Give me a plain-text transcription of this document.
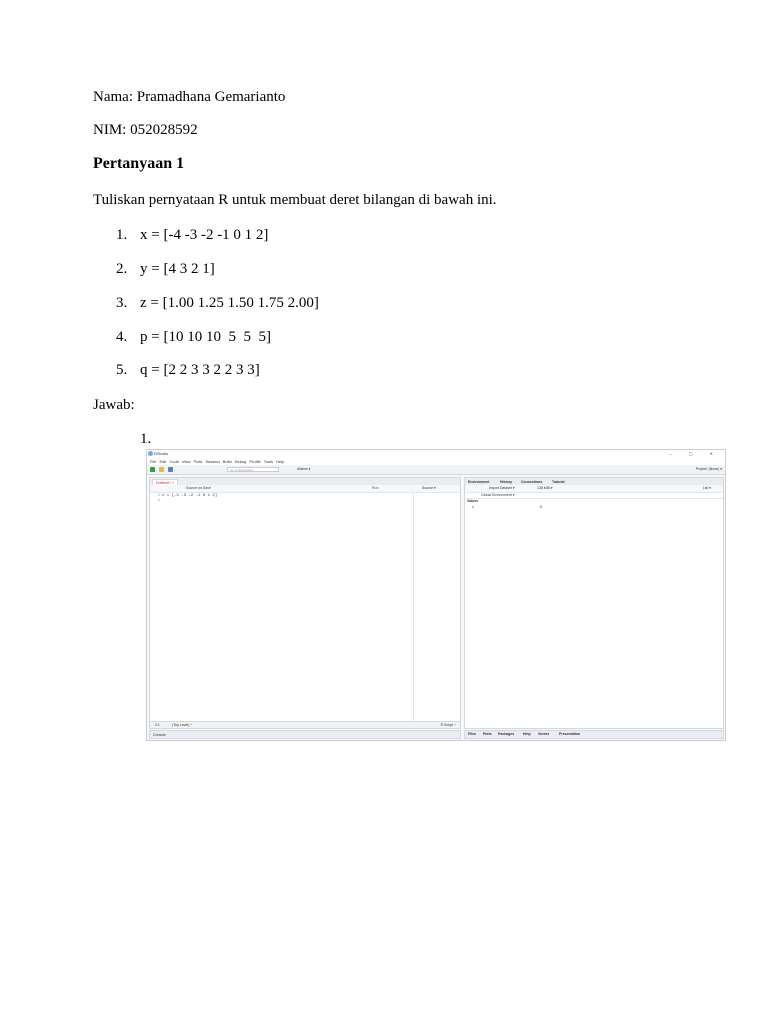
Nama: Pramadhana Gemarianto
NIM: 052028592
Pertanyaan 1
Tuliskan pernyataan R untuk membuat deret bilangan di bawah ini.
1. x = [-4 -3 -2 -1 0 1 2]
2. y = [4 3 2 1]
3. z = [1.00 1.25 1.50 1.75 2.00]
4. p = [10 10 10  5  5  5]
5. q = [2 2 3 3 2 2 3 3]
Jawab:
1.
RStudio	– ▢ ✕
File Edit Code View Plots Session Build Debug Profile Tools Help
Go to file/function	Addins ▾	Project: (None) ▾
Untitled1* ×
Source on Save	Run	Source ▾
1 x = [-4 -3 -2 -1 0 1 2]
2
2:1	(Top Level) ÷	R Script ÷
Console
Environment	History	Connections	Tutorial
Import Dataset ▾	138 MiB ▾	List ▾
Global Environment ▾
Values
x	-5
Files Plots Packages	Help Viewer	Presentation
